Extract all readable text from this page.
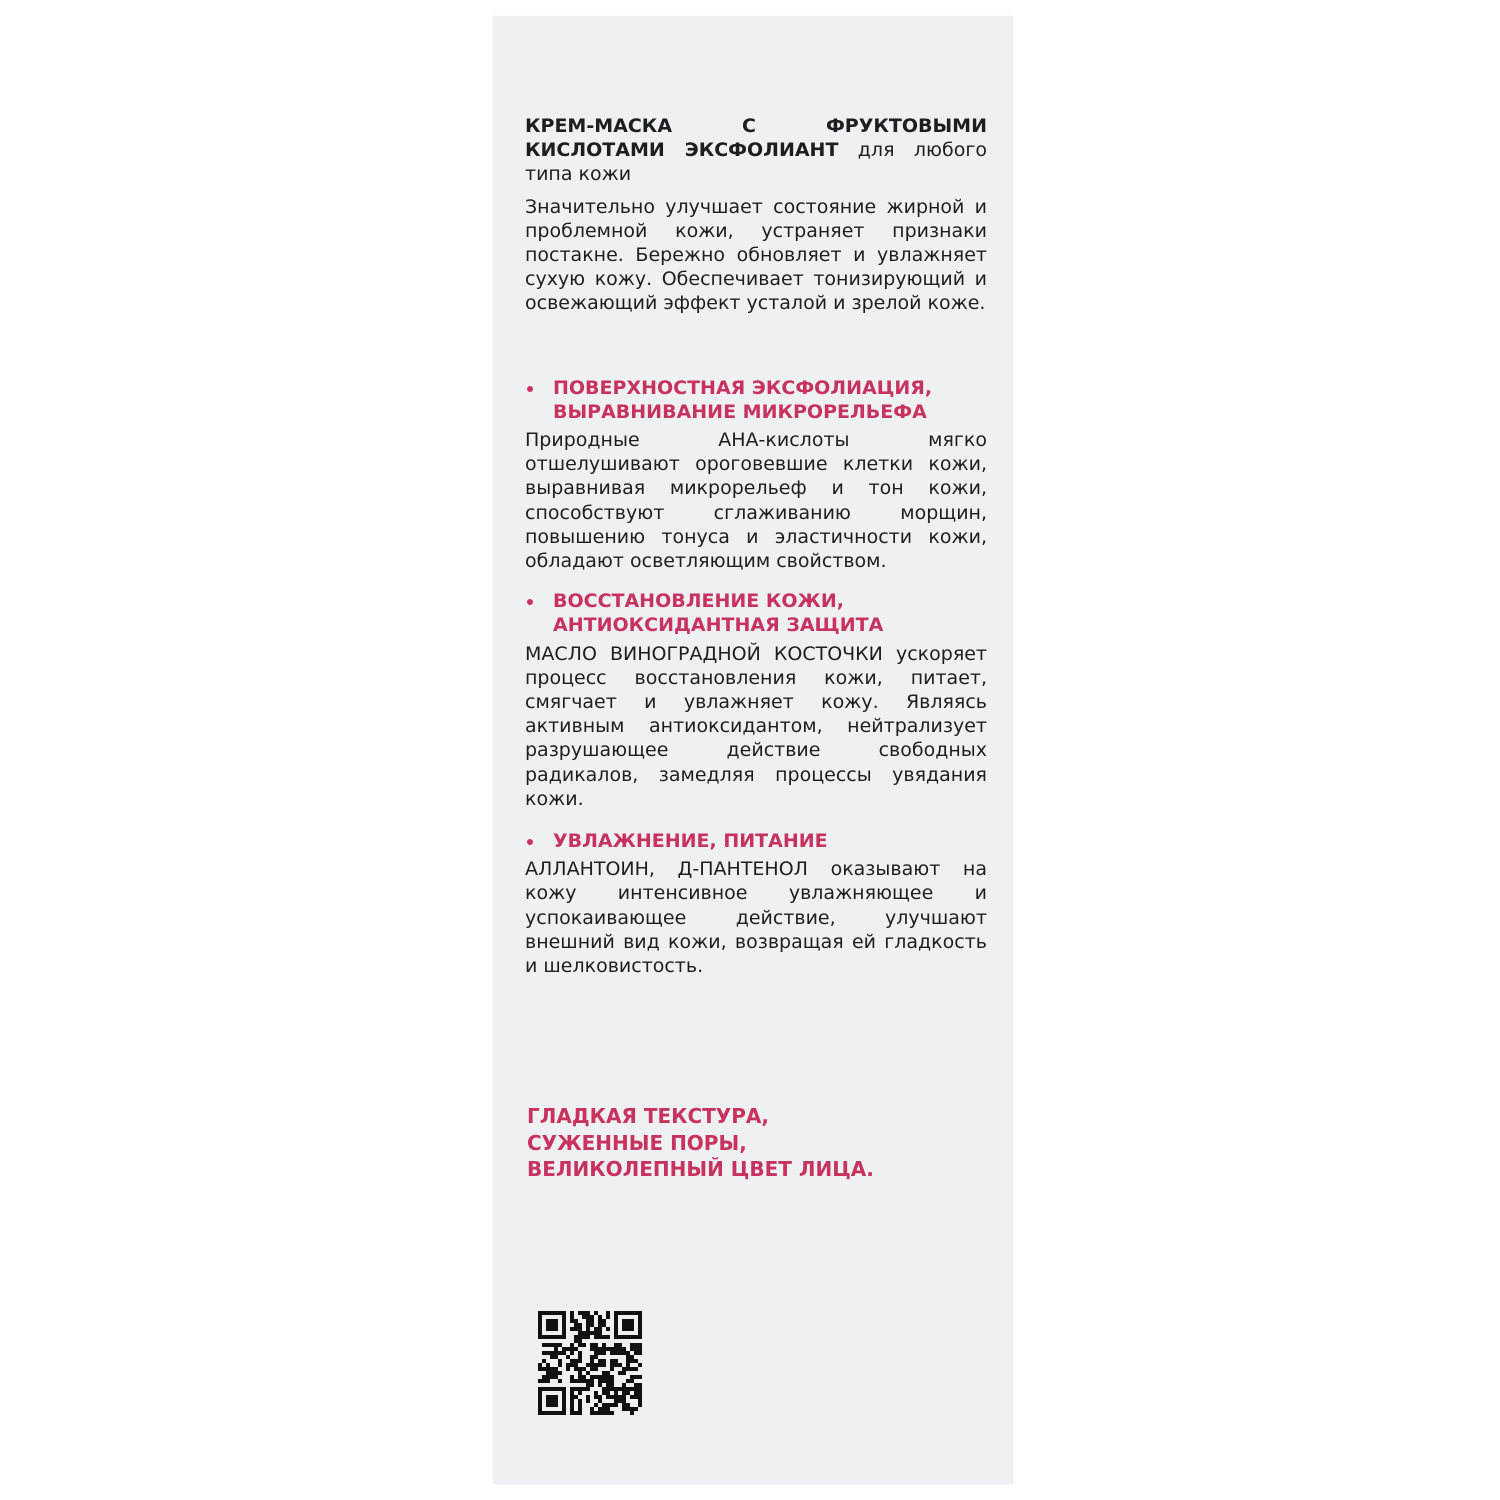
КРЕМ-МАСКА С ФРУКТОВЫМИ КИСЛОТАМИ ЭКСФОЛИАНТ для любого типа кожи

Значительно улучшает состояние жирной и проблемной кожи, устраняет признаки постакне. Бережно обновляет и увлажняет сухую кожу. Обеспечивает тонизирующий и освежающий эффект усталой и зрелой коже.

ПОВЕРХНОСТНАЯ ЭКСФОЛИАЦИЯ,
ВЫРАВНИВАНИЕ МИКРОРЕЛЬЕФА

Природные АНА-кислоты мягко отшелушивают ороговевшие клетки кожи, выравнивая микрорельеф и тон кожи, способствуют сглаживанию морщин, повышению тонуса и эластичности кожи, обладают осветляющим свойством.

ВОССТАНОВЛЕНИЕ КОЖИ,
АНТИОКСИДАНТНАЯ ЗАЩИТА

МАСЛО ВИНОГРАДНОЙ КОСТОЧКИ ускоряет процесс восстановления кожи, питает, смягчает и увлажняет кожу. Являясь активным антиоксидантом, нейтрализует разрушающее действие свободных радикалов, замедляя процессы увядания кожи.

УВЛАЖНЕНИЕ, ПИТАНИЕ

АЛЛАНТОИН, Д-ПАНТЕНОЛ оказывают на кожу интенсивное увлажняющее и успокаивающее действие, улучшают внешний вид кожи, возвращая ей гладкость и шелковистость.

ГЛАДКАЯ ТЕКСТУРА,
СУЖЕННЫЕ ПОРЫ,
ВЕЛИКОЛЕПНЫЙ ЦВЕТ ЛИЦА.
